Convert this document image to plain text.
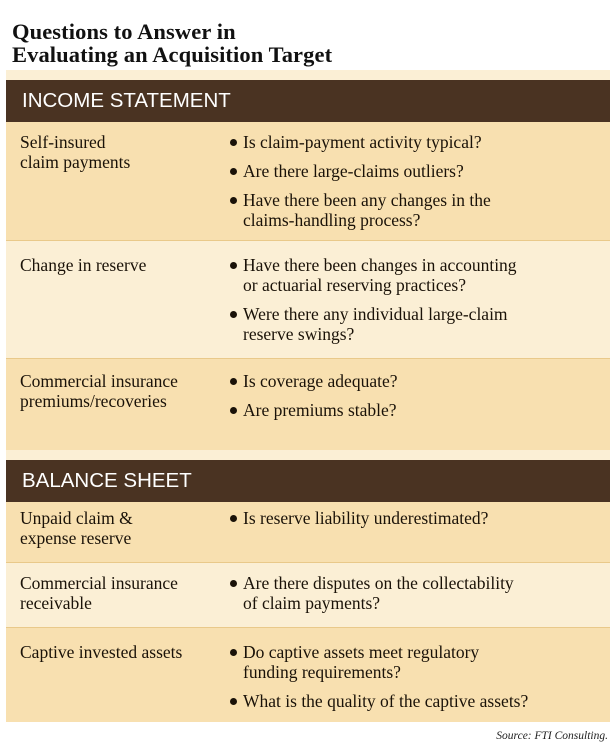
Questions to Answer in
Evaluating an Acquisition Target
INCOME STATEMENT
Self-insured
claim payments
Is claim-payment activity typical?
Are there large-claims outliers?
Have there been any changes in the
claims-handling process?
Change in reserve	Have there been changes in accounting
or actuarial reserving practices?
Were there any individual large-claim
reserve swings?
Commercial insurance
premiums/recoveries
Is coverage adequate?
Are premiums stable?
BALANCE SHEET
Unpaid claim &
expense reserve
Is reserve liability underestimated?
Commercial insurance
receivable
Are there disputes on the collectability
of claim payments?
Captive invested assets	Do captive assets meet regulatory
funding requirements?
What is the quality of the captive assets?
Source: FTI Consulting.
